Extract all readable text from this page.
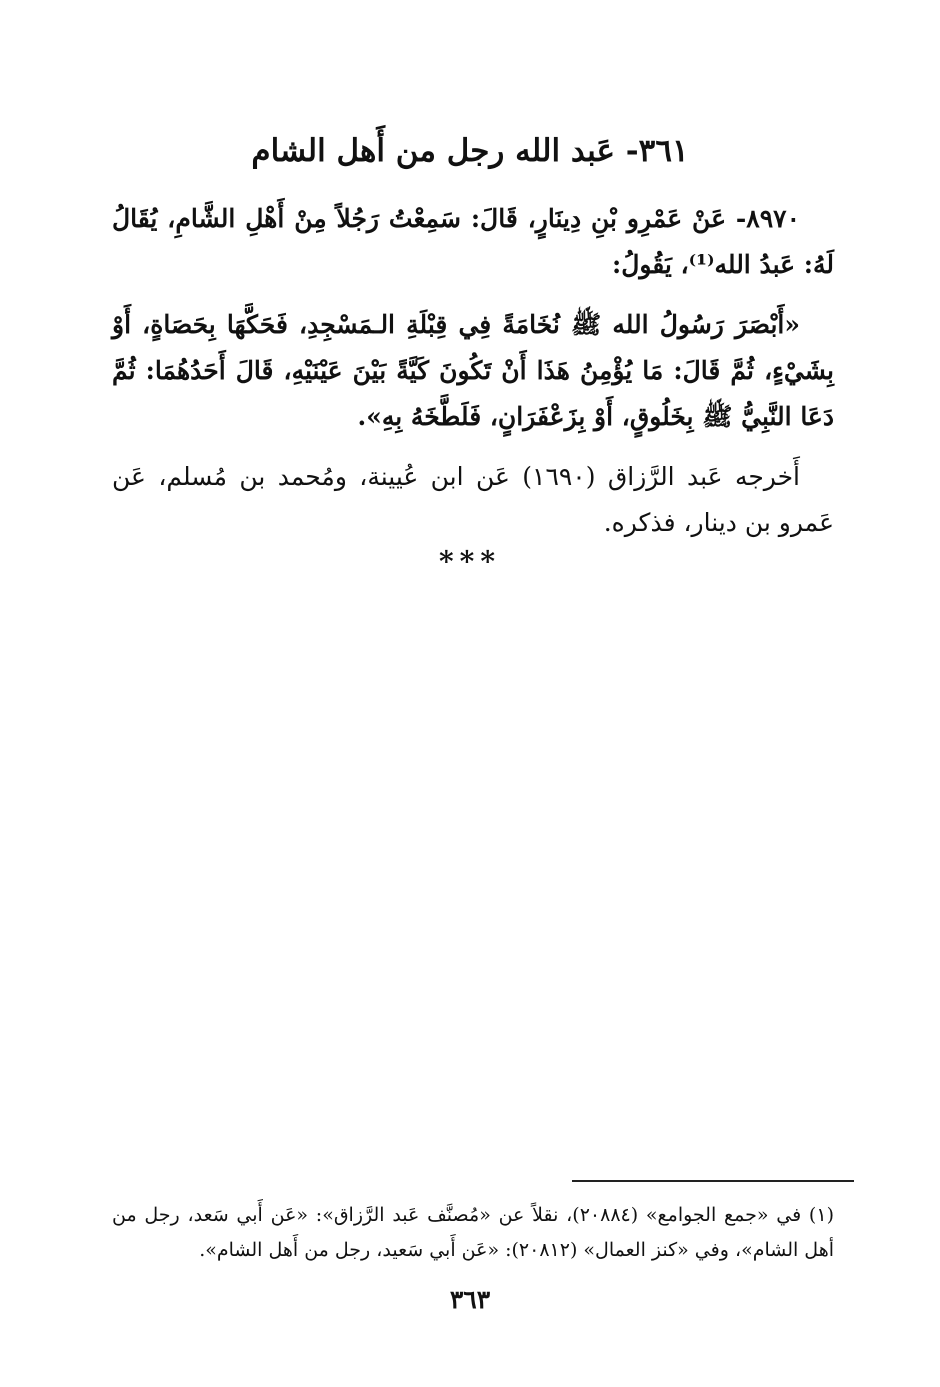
٣٦١- عَبد الله رجل من أَهل الشام

٨٩٧٠- عَنْ عَمْرِو بْنِ دِينَارٍ، قَالَ: سَمِعْتُ رَجُلاً مِنْ أَهْلِ الشَّامِ، يُقَالُ لَهُ: عَبدُ الله⁽¹⁾، يَقُولُ:

«أَبْصَرَ رَسُولُ الله ﷺ نُخَامَةً فِي قِبْلَةِ الـمَسْجِدِ، فَحَكَّهَا بِحَصَاةٍ، أَوْ بِشَيْءٍ، ثُمَّ قَالَ: مَا يُؤْمِنُ هَذَا أَنْ تَكُونَ كَيَّةً بَيْنَ عَيْنَيْهِ، قَالَ أَحَدُهُمَا: ثُمَّ دَعَا النَّبِيُّ ﷺ بِخَلُوقٍ، أَوْ بِزَعْفَرَانٍ، فَلَطَّخَهُ بِهِ».

أَخرجه عَبد الرَّزاق (١٦٩٠) عَن ابن عُيينة، ومُحمد بن مُسلم، عَن عَمرو بن دينار، فذكره.

***

(١) في «جمع الجوامع» (٢٠٨٨٤)، نقلاً عن «مُصنَّف عَبد الرَّزاق»: «عَن أَبي سَعد، رجل من أهل الشام»، وفي «كنز العمال» (٢٠٨١٢): «عَن أَبي سَعيد، رجل من أَهل الشام».

٣٦٣
